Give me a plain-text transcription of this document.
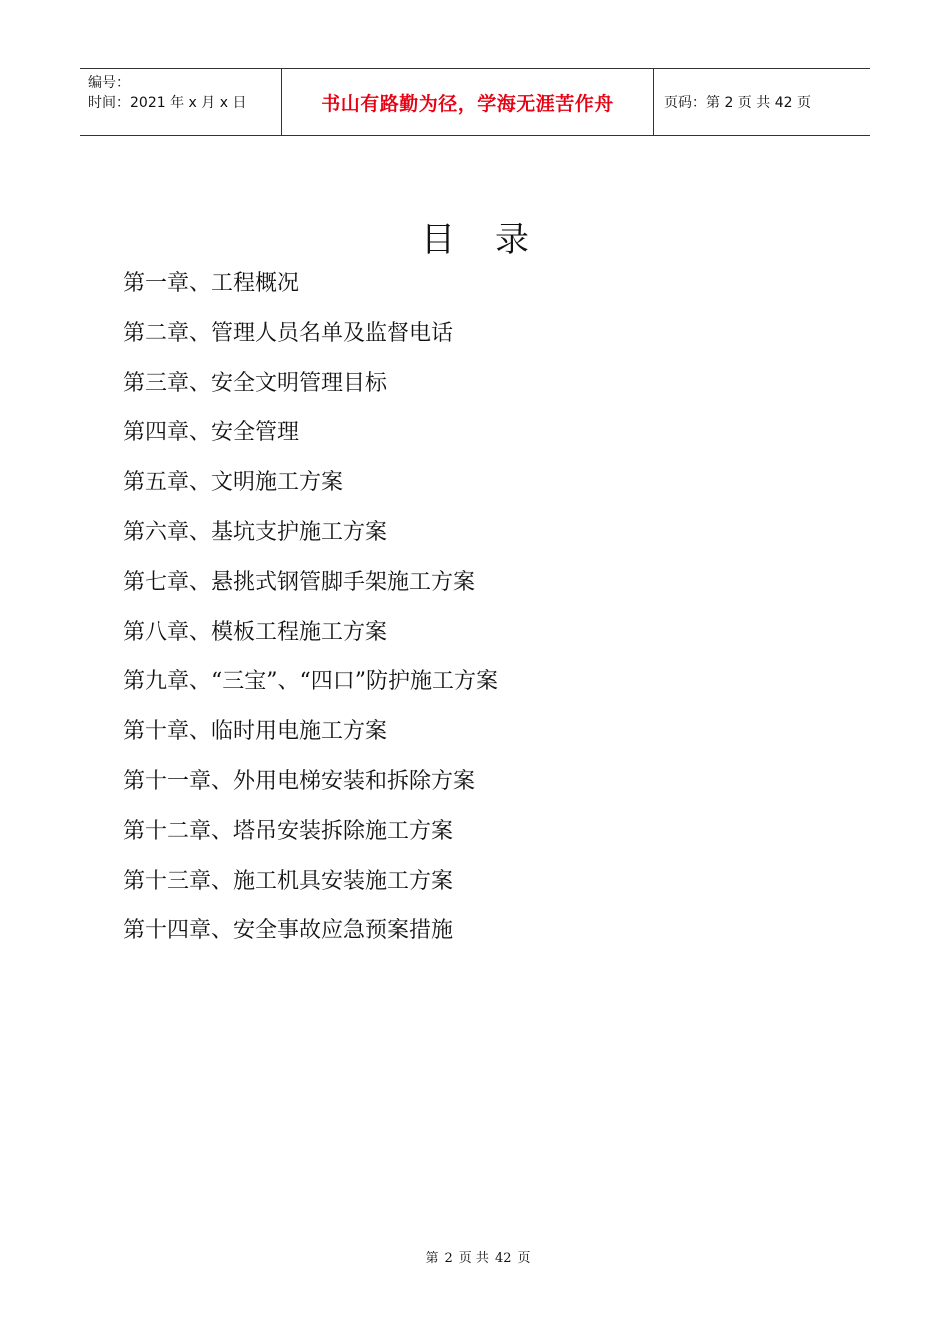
编号：
时间：2021 年 x 月 x 日	书山有路勤为径，学海无涯苦作舟	页码：第 2 页 共 42 页
目录
第一章、工程概况
第二章、管理人员名单及监督电话
第三章、安全文明管理目标
第四章、安全管理
第五章、文明施工方案
第六章、基坑支护施工方案
第七章、悬挑式钢管脚手架施工方案
第八章、模板工程施工方案
第九章、“三宝”、“四口”防护施工方案
第十章、临时用电施工方案
第十一章、外用电梯安装和拆除方案
第十二章、塔吊安装拆除施工方案
第十三章、施工机具安装施工方案
第十四章、安全事故应急预案措施
第 2 页 共 42 页
